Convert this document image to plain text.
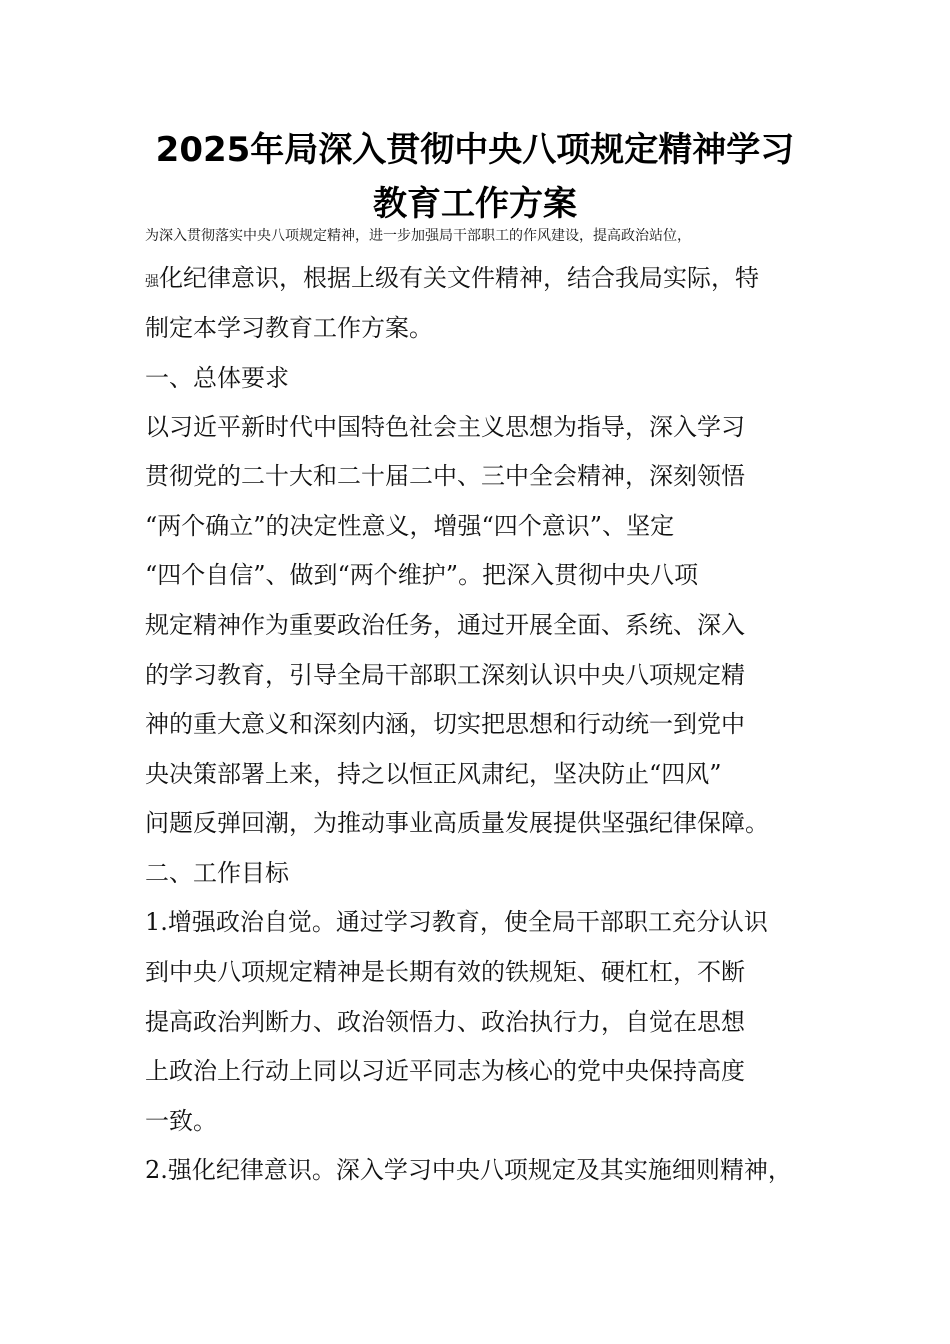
2025年局深入贯彻中央八项规定精神学习
教育工作方案

为深入贯彻落实中央八项规定精神，进一步加强局干部职工的作风建设，提高政治站位，

强化纪律意识，根据上级有关文件精神，结合我局实际，特

制定本学习教育工作方案。

一、总体要求

以习近平新时代中国特色社会主义思想为指导，深入学习

贯彻党的二十大和二十届二中、三中全会精神，深刻领悟

“两个确立”的决定性意义，增强“四个意识”、坚定

“四个自信”、做到“两个维护”。把深入贯彻中央八项

规定精神作为重要政治任务，通过开展全面、系统、深入

的学习教育，引导全局干部职工深刻认识中央八项规定精

神的重大意义和深刻内涵，切实把思想和行动统一到党中

央决策部署上来，持之以恒正风肃纪，坚决防止“四风”

问题反弹回潮，为推动事业高质量发展提供坚强纪律保障。

二、工作目标

1.增强政治自觉。通过学习教育，使全局干部职工充分认识

到中央八项规定精神是长期有效的铁规矩、硬杠杠，不断

提高政治判断力、政治领悟力、政治执行力，自觉在思想

上政治上行动上同以习近平同志为核心的党中央保持高度

一致。

2.强化纪律意识。深入学习中央八项规定及其实施细则精神，
